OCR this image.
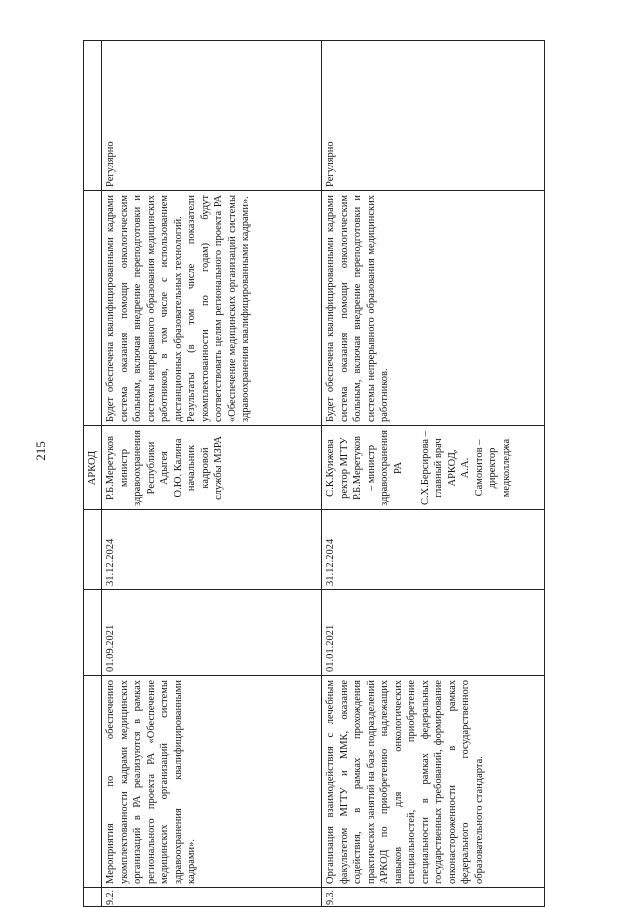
215	АРКОД
9.2.
Мероприятия по обеспечению укомплектованности кадрами медицинских организаций в РА реализуются в рамках регионального проекта РА «Обеспечение медицинских организаций системы здравоохранения квалифицированными кадрами».
01.09.2021
31.12.2024
Р.Б.Меретуков
министр
здравоохранения Республики
Адыгея
О.Ю. Калина
начальник
кадровой
службы МЗРА
Будет обеспечена квалифицированными кадрами система оказания помощи онкологическим больным, включая внедрение переподготовки и системы непрерывного образования медицинских работников, в том числе с использованием дистанционных образовательных технологий.
Результаты (в том числе показатели укомплектованности по годам) будут соответствовать целям регионального проекта РА «Обеспечение медицинских организаций системы здравоохранения квалифицированными кадрами».
Регулярно
9.3.
Организация взаимодействия с лечебным факультетом МГТУ и ММК, оказание содействия, в рамках прохождения практических занятий на базе подразделений АРКОД по приобретению надлежащих навыков для онкологических специальностей, приобретение специальности в рамках федеральных государственных требований, формирование онконастороженности в рамках федерального государственного образовательного стандарта.
01.01.2021
31.12.2024
С.К.Куижева
ректор МГТУ
Р.Б.Меретуков
– министр
здравоохранения РА

С.Х.Берсирова –
главный врач
АРКОД,
А.А.
Самокитов –
директор
медколледжа
Будет обеспечена квалифицированными кадрами система оказания помощи онкологическим больным, включая внедрение переподготовки и системы непрерывного образования медицинских работников.
Регулярно
